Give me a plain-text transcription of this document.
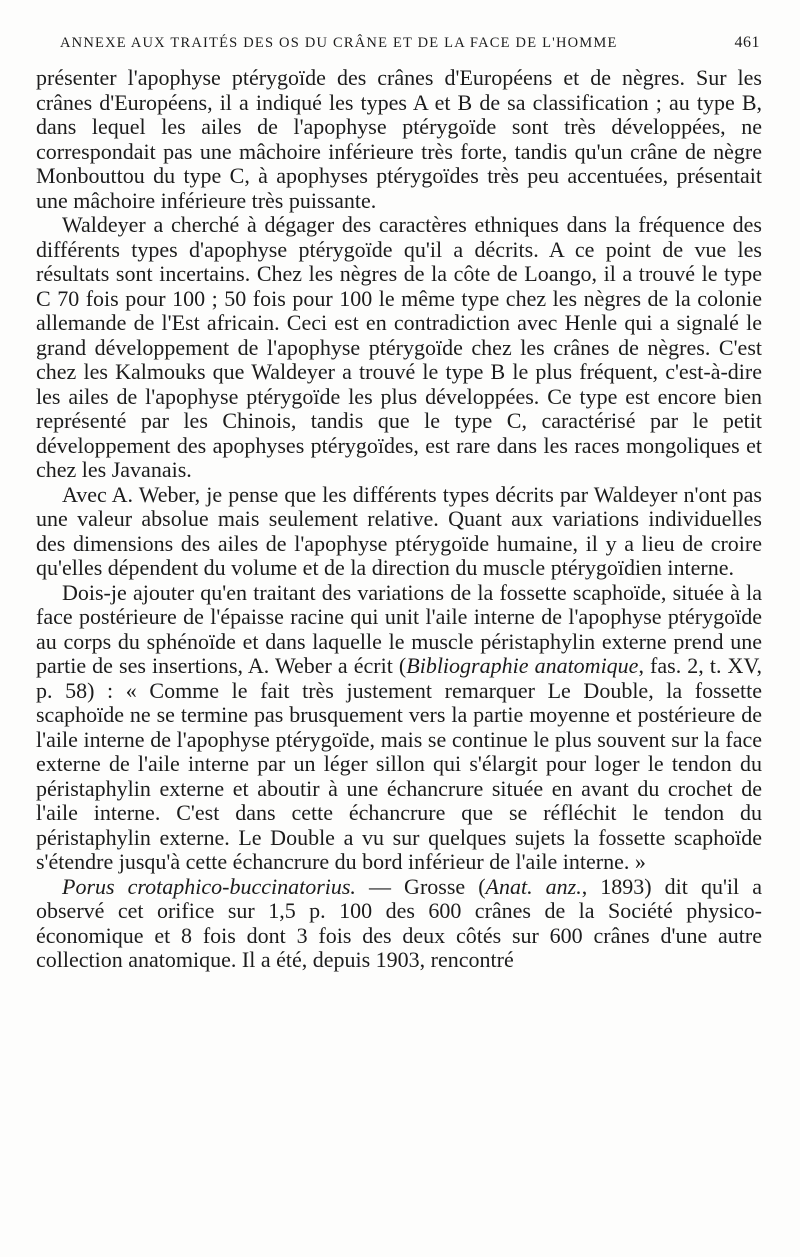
ANNEXE AUX TRAITÉS DES OS DU CRÂNE ET DE LA FACE DE L'HOMME	461

présenter l'apophyse ptérygoïde des crânes d'Européens et de nègres. Sur les crânes d'Européens, il a indiqué les types A et B de sa classification ; au type B, dans lequel les ailes de l'apophyse ptérygoïde sont très développées, ne correspondait pas une mâchoire inférieure très forte, tandis qu'un crâne de nègre Monbouttou du type C, à apophyses ptérygoïdes très peu accentuées, présentait une mâchoire inférieure très puissante.

Waldeyer a cherché à dégager des caractères ethniques dans la fréquence des différents types d'apophyse ptérygoïde qu'il a décrits. A ce point de vue les résultats sont incertains. Chez les nègres de la côte de Loango, il a trouvé le type C 70 fois pour 100 ; 50 fois pour 100 le même type chez les nègres de la colonie allemande de l'Est africain. Ceci est en contradiction avec Henle qui a signalé le grand développement de l'apophyse ptérygoïde chez les crânes de nègres. C'est chez les Kalmouks que Waldeyer a trouvé le type B le plus fréquent, c'est-à-dire les ailes de l'apophyse ptérygoïde les plus développées. Ce type est encore bien représenté par les Chinois, tandis que le type C, caractérisé par le petit développement des apophyses ptérygoïdes, est rare dans les races mongoliques et chez les Javanais.

Avec A. Weber, je pense que les différents types décrits par Waldeyer n'ont pas une valeur absolue mais seulement relative. Quant aux variations individuelles des dimensions des ailes de l'apophyse ptérygoïde humaine, il y a lieu de croire qu'elles dépendent du volume et de la direction du muscle ptérygoïdien interne.

Dois-je ajouter qu'en traitant des variations de la fossette scaphoïde, située à la face postérieure de l'épaisse racine qui unit l'aile interne de l'apophyse ptérygoïde au corps du sphénoïde et dans laquelle le muscle péristaphylin externe prend une partie de ses insertions, A. Weber a écrit (Bibliographie anatomique, fas. 2, t. XV, p. 58) : « Comme le fait très justement remarquer Le Double, la fossette scaphoïde ne se termine pas brusquement vers la partie moyenne et postérieure de l'aile interne de l'apophyse ptérygoïde, mais se continue le plus souvent sur la face externe de l'aile interne par un léger sillon qui s'élargit pour loger le tendon du péristaphylin externe et aboutir à une échancrure située en avant du crochet de l'aile interne. C'est dans cette échancrure que se réfléchit le tendon du péristaphylin externe. Le Double a vu sur quelques sujets la fossette scaphoïde s'étendre jusqu'à cette échancrure du bord inférieur de l'aile interne. »

Porus crotaphico-buccinatorius. — Grosse (Anat. anz., 1893) dit qu'il a observé cet orifice sur 1,5 p. 100 des 600 crânes de la Société physico-économique et 8 fois dont 3 fois des deux côtés sur 600 crânes d'une autre collection anatomique. Il a été, depuis 1903, rencontré
